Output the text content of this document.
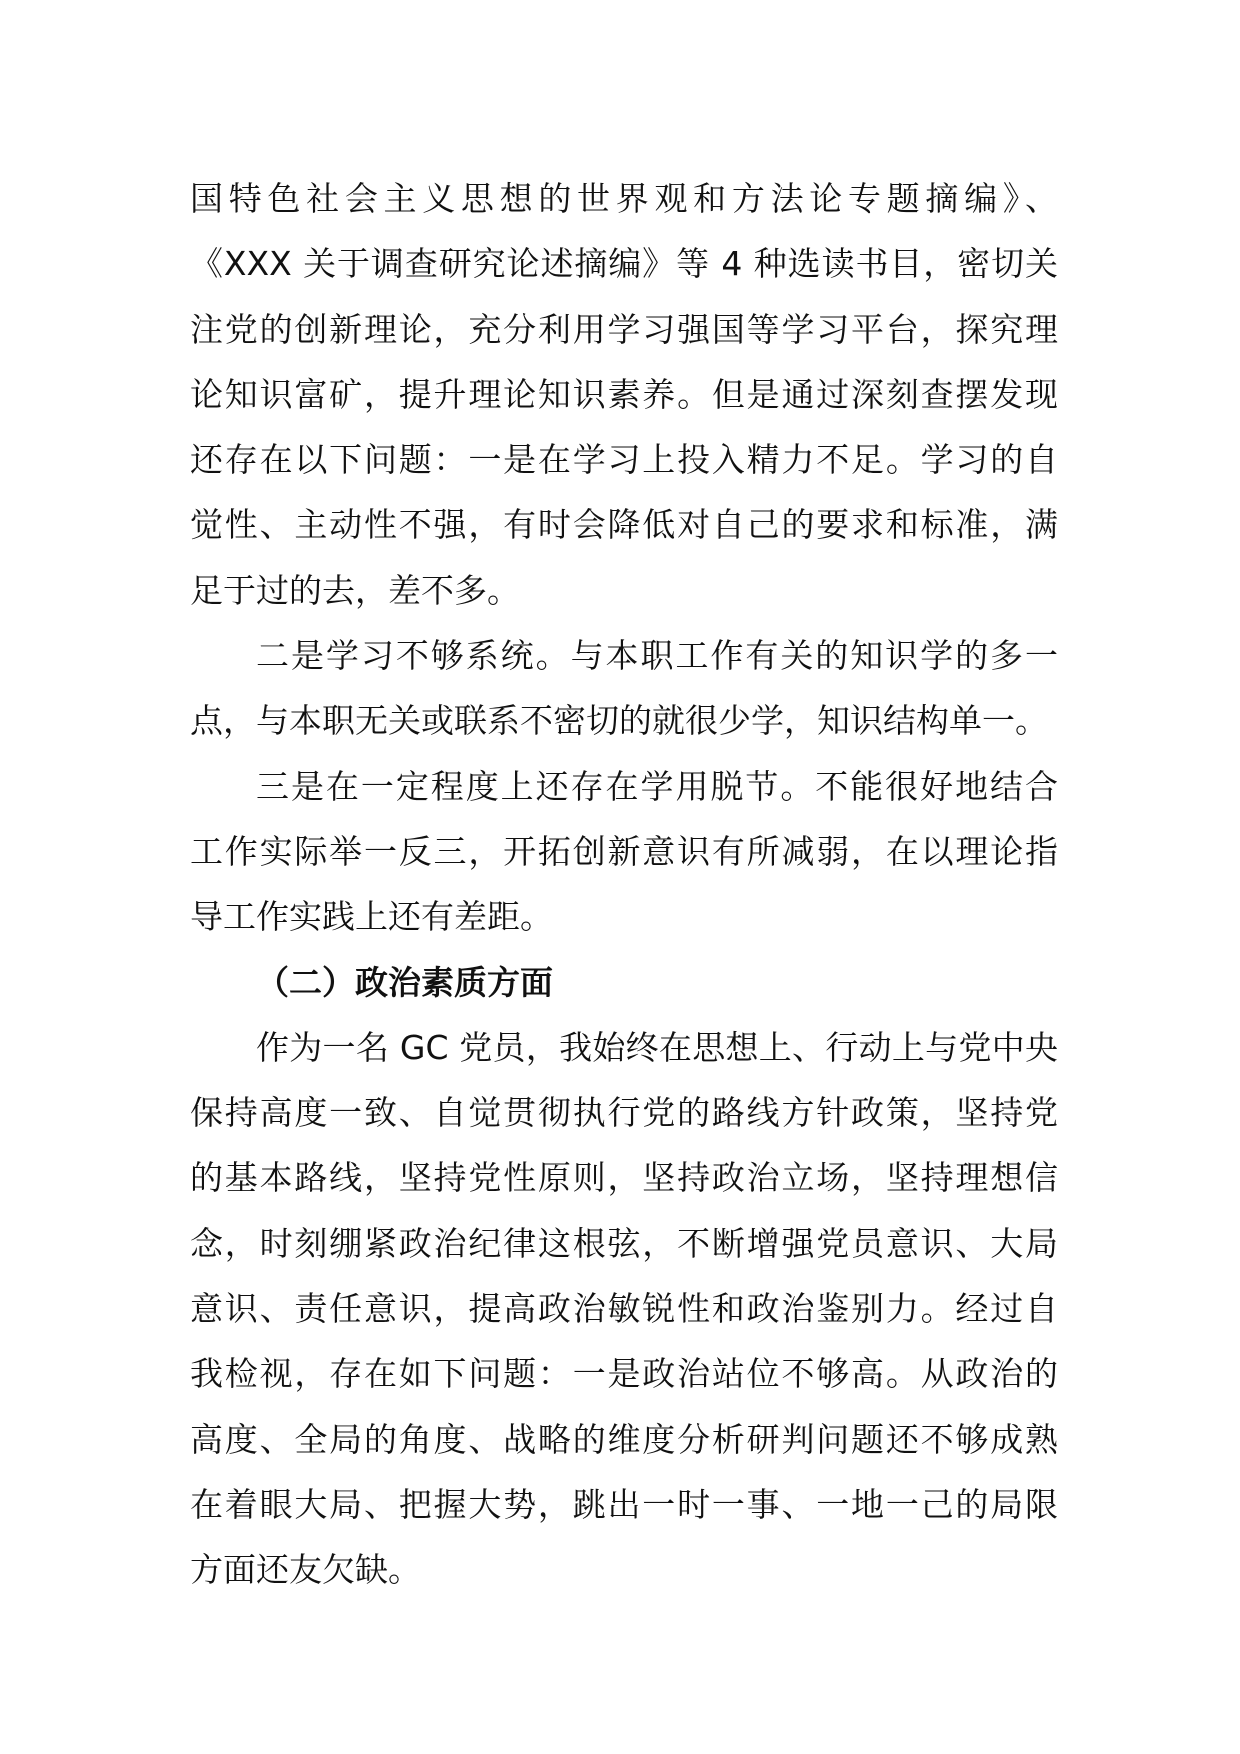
国特色社会主义思想的世界观和方法论专题摘编》、
《XXX 关于调查研究论述摘编》等 4 种选读书目，密切关
注党的创新理论，充分利用学习强国等学习平台，探究理
论知识富矿，提升理论知识素养。但是通过深刻查摆发现
还存在以下问题：一是在学习上投入精力不足。学习的自
觉性、主动性不强，有时会降低对自己的要求和标准，满
足于过的去，差不多。
二是学习不够系统。与本职工作有关的知识学的多一
点，与本职无关或联系不密切的就很少学，知识结构单一。
三是在一定程度上还存在学用脱节。不能很好地结合
工作实际举一反三，开拓创新意识有所减弱，在以理论指
导工作实践上还有差距。
（二）政治素质方面
作为一名 GC 党员，我始终在思想上、行动上与党中央
保持高度一致、自觉贯彻执行党的路线方针政策，坚持党
的基本路线，坚持党性原则，坚持政治立场，坚持理想信
念，时刻绷紧政治纪律这根弦，不断增强党员意识、大局
意识、责任意识，提高政治敏锐性和政治鉴别力。经过自
我检视，存在如下问题：一是政治站位不够高。从政治的
高度、全局的角度、战略的维度分析研判问题还不够成熟
在着眼大局、把握大势，跳出一时一事、一地一己的局限
方面还友欠缺。
